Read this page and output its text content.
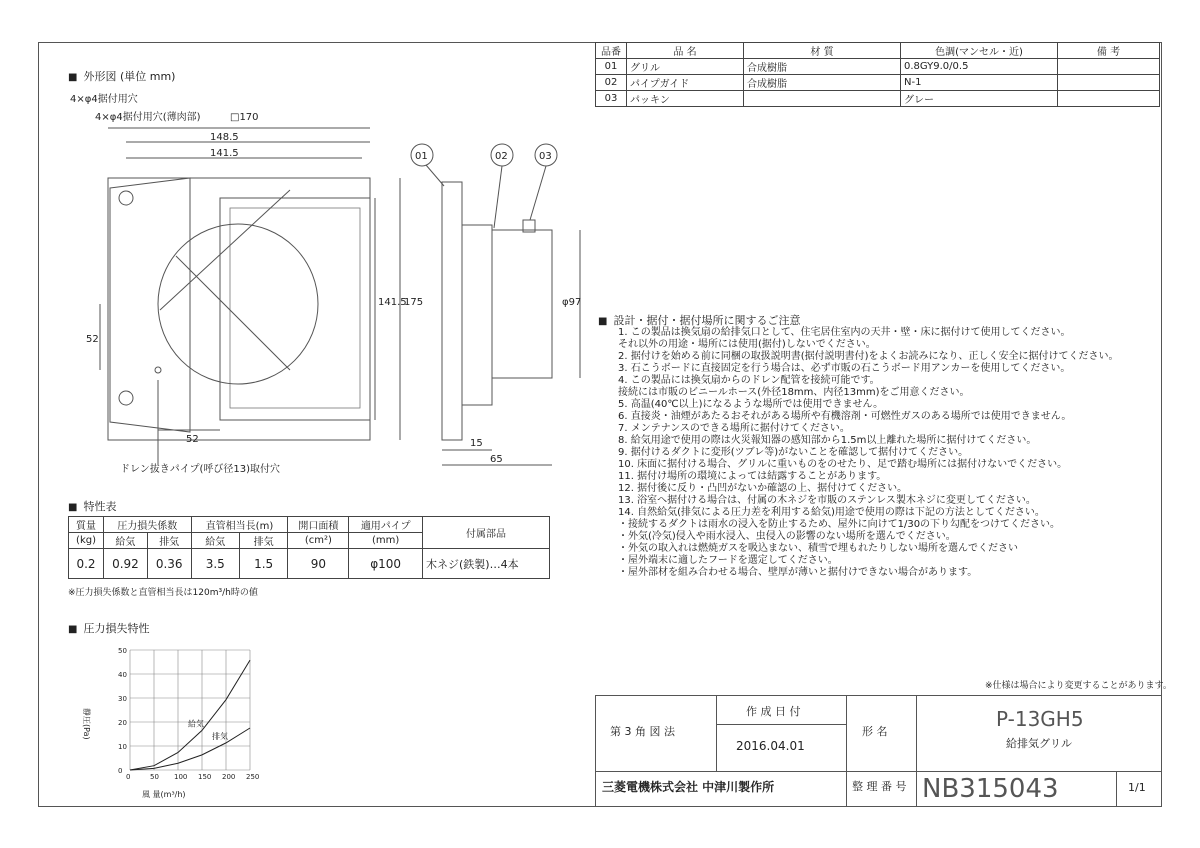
品番	品 名	材 質	色調(マンセル・近)	備 考
01	グリル	合成樹脂	0.8GY9.0/0.5	
02	パイプガイド	合成樹脂	N-1	
03	パッキン		グレー	
■ 外形図 (単位 mm)
4×φ4据付用穴
4×φ4据付用穴(薄肉部)	□170
148.5
141.5
141.5
175
52
52
ドレン抜きパイプ(呼び径13)取付穴
15
65
φ97
01	02	03
■ 設計・据付・据付場所に関するご注意
1. この製品は換気扇の給排気口として、住宅居住室内の天井・壁・床に据付けて使用してください。
それ以外の用途・場所には使用(据付)しないでください。
2. 据付けを始める前に同梱の取扱説明書(据付説明書付)をよくお読みになり、正しく安全に据付けてください。
3. 石こうボードに直接固定を行う場合は、必ず市販の石こうボード用アンカーを使用してください。
4. この製品には換気扇からのドレン配管を接続可能です。
接続には市販のビニールホース(外径18mm、内径13mm)をご用意ください。
5. 高温(40℃以上)になるような場所では使用できません。
6. 直接炎・油煙があたるおそれがある場所や有機溶剤・可燃性ガスのある場所では使用できません。
7. メンテナンスのできる場所に据付けてください。
8. 給気用途で使用の際は火災報知器の感知部から1.5m以上離れた場所に据付けてください。
9. 据付けるダクトに変形(ツブレ等)がないことを確認して据付けてください。
10. 床面に据付ける場合、グリルに重いものをのせたり、足で踏む場所には据付けないでください。
11. 据付け場所の環境によっては結露することがあります。
12. 据付後に反り・凸凹がないか確認の上、据付けてください。
13. 浴室へ据付ける場合は、付属の木ネジを市販のステンレス製木ネジに変更してください。
14. 自然給気(排気による圧力差を利用する給気)用途で使用の際は下記の方法としてください。
・接続するダクトは雨水の浸入を防止するため、屋外に向けて1/30の下り勾配をつけてください。
・外気(冷気)侵入や雨水浸入、虫侵入の影響のない場所を選んでください。
・外気の取入れは燃焼ガスを吸込まない、積雪で埋もれたりしない場所を選んでください
・屋外端末に適したフードを選定してください。
・屋外部材を組み合わせる場合、壁厚が薄いと据付けできない場合があります。
■ 特性表
質量	圧力損失係数		直管相当長(m)		開口面積	適用パイプ	付属部品
(kg)	給気	排気	給気	排気	(cm²)	(mm)	
0.2	0.92	0.36	3.5	1.5	90	φ100	木ネジ(鉄製)…4本
※圧力損失係数と直管相当長は120m³/h時の値
■ 圧力損失特性
0	50 100 150 200 250
0
10
20
30
40
50
給気
排気
風 量(m³/h)
静圧(Pa)
※仕様は場合により変更することがあります。
第 3 角 図 法
作 成 日 付
2016.04.01
形 名
P-13GH5
給排気グリル
三菱電機株式会社 中津川製作所	整 理 番 号 NB315043	1/1
